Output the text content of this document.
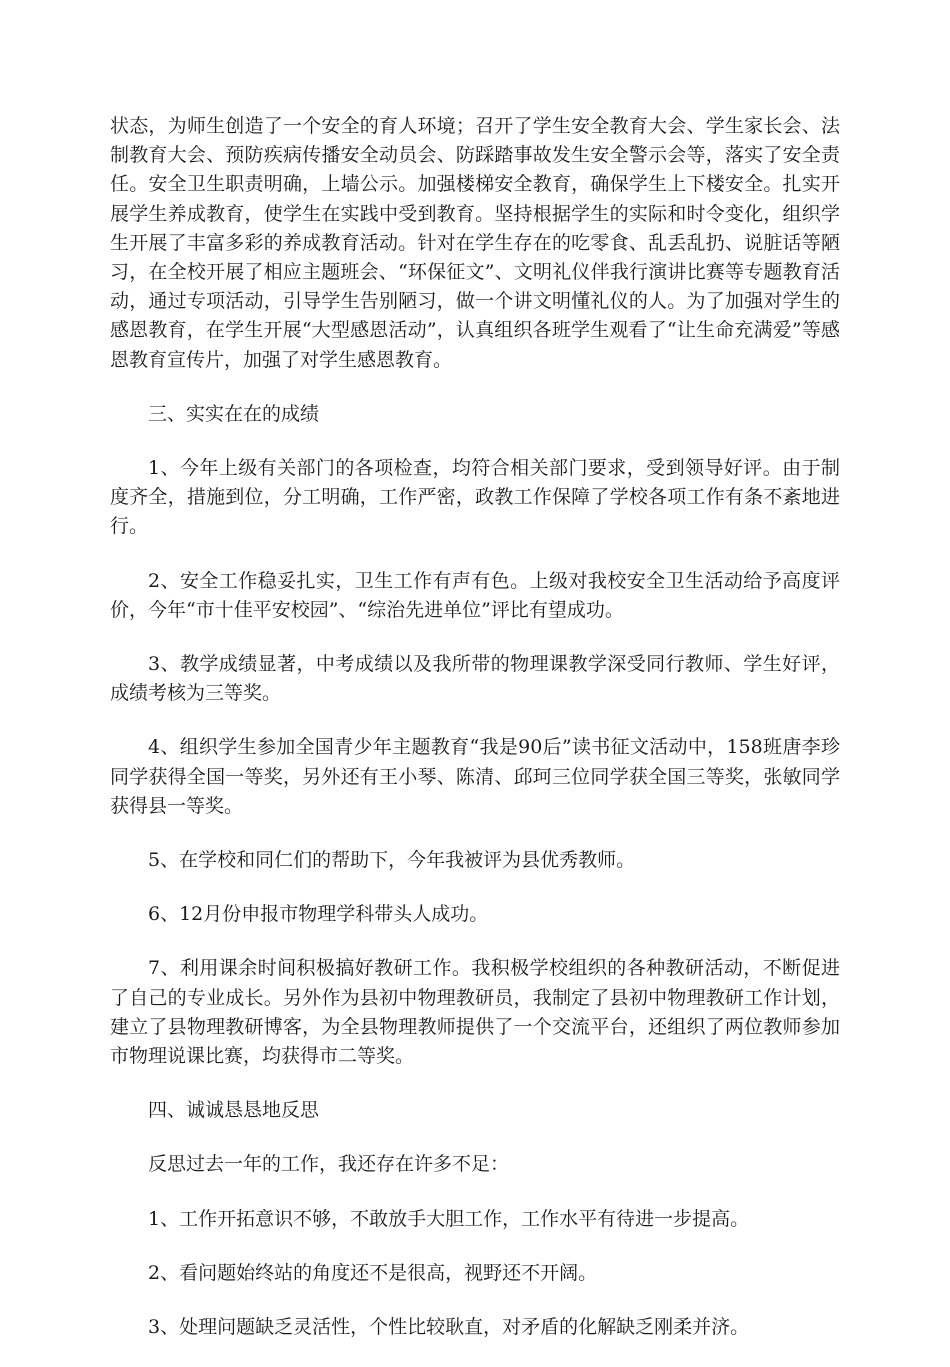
状态，为师生创造了一个安全的育人环境；召开了学生安全教育大会、学生家长会、法制教育大会、预防疾病传播安全动员会、防踩踏事故发生安全警示会等，落实了安全责任。安全卫生职责明确，上墙公示。加强楼梯安全教育，确保学生上下楼安全。扎实开展学生养成教育，使学生在实践中受到教育。坚持根据学生的实际和时令变化，组织学生开展了丰富多彩的养成教育活动。针对在学生存在的吃零食、乱丢乱扔、说脏话等陋习，在全校开展了相应主题班会、“环保征文”、文明礼仪伴我行演讲比赛等专题教育活动，通过专项活动，引导学生告别陋习，做一个讲文明懂礼仪的人。为了加强对学生的感恩教育，在学生开展“大型感恩活动”，认真组织各班学生观看了“让生命充满爱”等感恩教育宣传片，加强了对学生感恩教育。

三、实实在在的成绩

1、今年上级有关部门的各项检查，均符合相关部门要求，受到领导好评。由于制度齐全，措施到位，分工明确，工作严密，政教工作保障了学校各项工作有条不紊地进行。

2、安全工作稳妥扎实，卫生工作有声有色。上级对我校安全卫生活动给予高度评价，今年“市十佳平安校园”、“综治先进单位”评比有望成功。

3、教学成绩显著，中考成绩以及我所带的物理课教学深受同行教师、学生好评，成绩考核为三等奖。

4、组织学生参加全国青少年主题教育“我是90后”读书征文活动中，158班唐李珍同学获得全国一等奖，另外还有王小琴、陈清、邱珂三位同学获全国三等奖，张敏同学获得县一等奖。

5、在学校和同仁们的帮助下，今年我被评为县优秀教师。

6、12月份申报市物理学科带头人成功。

7、利用课余时间积极搞好教研工作。我积极学校组织的各种教研活动，不断促进了自己的专业成长。另外作为县初中物理教研员，我制定了县初中物理教研工作计划，建立了县物理教研博客，为全县物理教师提供了一个交流平台，还组织了两位教师参加市物理说课比赛，均获得市二等奖。

四、诚诚恳恳地反思

反思过去一年的工作，我还存在许多不足：

1、工作开拓意识不够，不敢放手大胆工作，工作水平有待进一步提高。

2、看问题始终站的角度还不是很高，视野还不开阔。

3、处理问题缺乏灵活性，个性比较耿直，对矛盾的化解缺乏刚柔并济。
